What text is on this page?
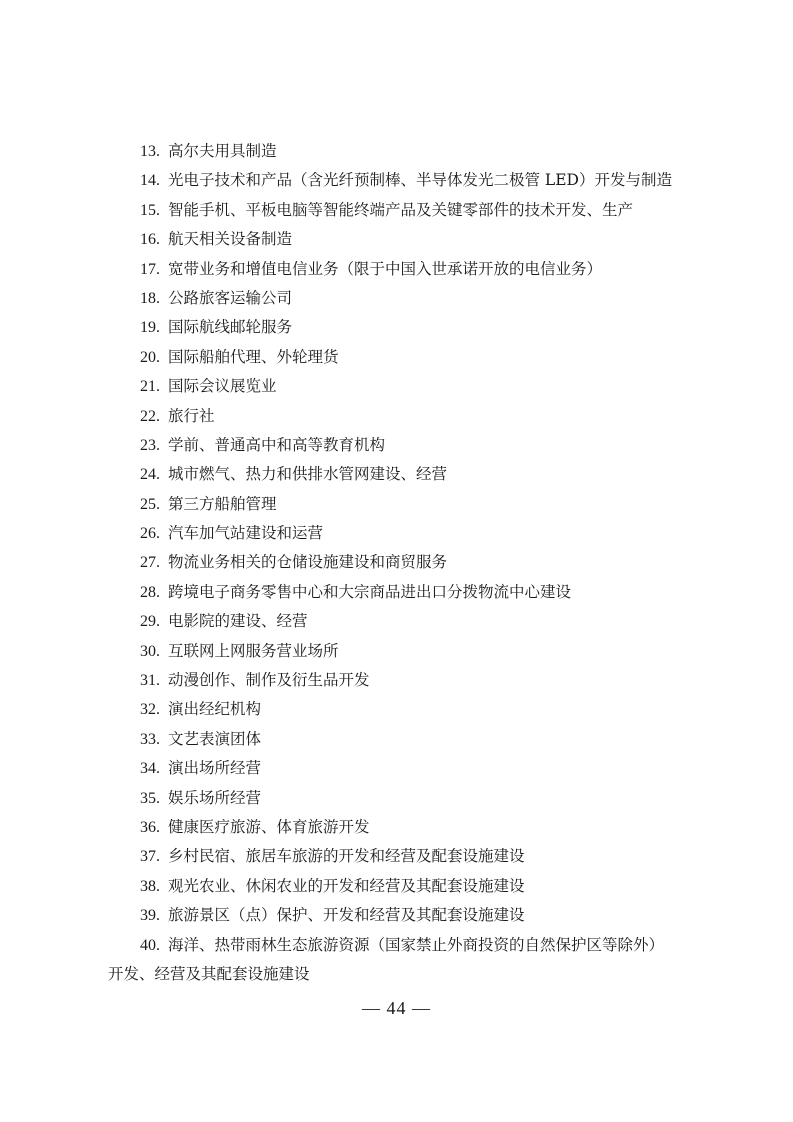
13. 高尔夫用具制造
14. 光电子技术和产品（含光纤预制棒、半导体发光二极管 LED）开发与制造
15. 智能手机、平板电脑等智能终端产品及关键零部件的技术开发、生产
16. 航天相关设备制造
17. 宽带业务和增值电信业务（限于中国入世承诺开放的电信业务）
18. 公路旅客运输公司
19. 国际航线邮轮服务
20. 国际船舶代理、外轮理货
21. 国际会议展览业
22. 旅行社
23. 学前、普通高中和高等教育机构
24. 城市燃气、热力和供排水管网建设、经营
25. 第三方船舶管理
26. 汽车加气站建设和运营
27. 物流业务相关的仓储设施建设和商贸服务
28. 跨境电子商务零售中心和大宗商品进出口分拨物流中心建设
29. 电影院的建设、经营
30. 互联网上网服务营业场所
31. 动漫创作、制作及衍生品开发
32. 演出经纪机构
33. 文艺表演团体
34. 演出场所经营
35. 娱乐场所经营
36. 健康医疗旅游、体育旅游开发
37. 乡村民宿、旅居车旅游的开发和经营及配套设施建设
38. 观光农业、休闲农业的开发和经营及其配套设施建设
39. 旅游景区（点）保护、开发和经营及其配套设施建设
40. 海洋、热带雨林生态旅游资源（国家禁止外商投资的自然保护区等除外）
开发、经营及其配套设施建设
— 44 —
